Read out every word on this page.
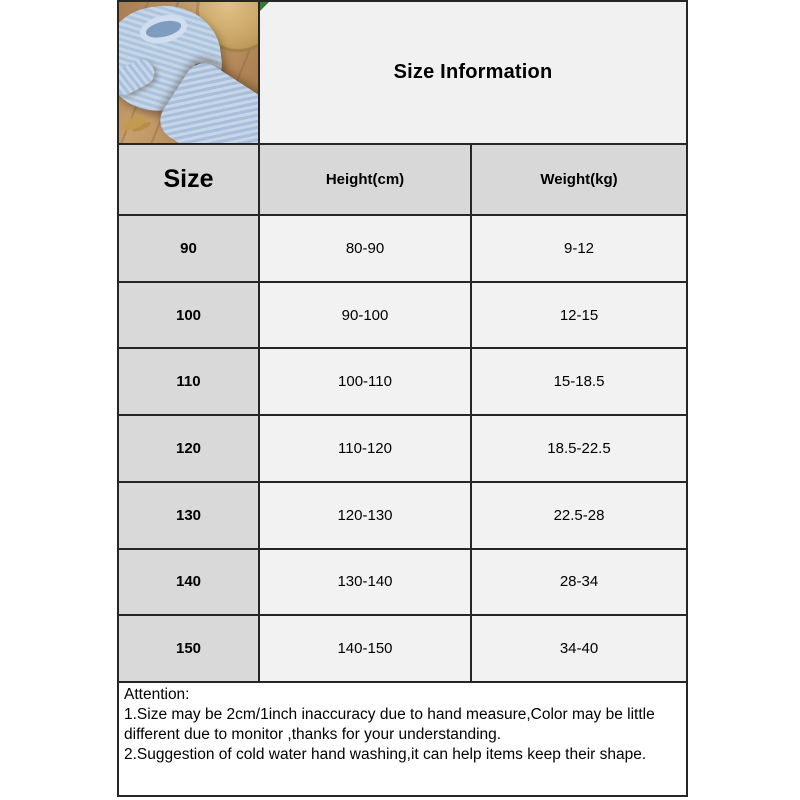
Size Information
Size	Height(cm)	Weight(kg)
90	80-90	9-12
100	90-100	12-15
110	100-110	15-18.5
120	110-120	18.5-22.5
130	120-130	22.5-28
140	130-140	28-34
150	140-150	34-40

Attention:

1.Size may be 2cm/1inch inaccuracy due to hand measure,Color may be little different due to monitor ,thanks for your understanding.

2.Suggestion of cold water hand washing,it can help items keep their shape.
